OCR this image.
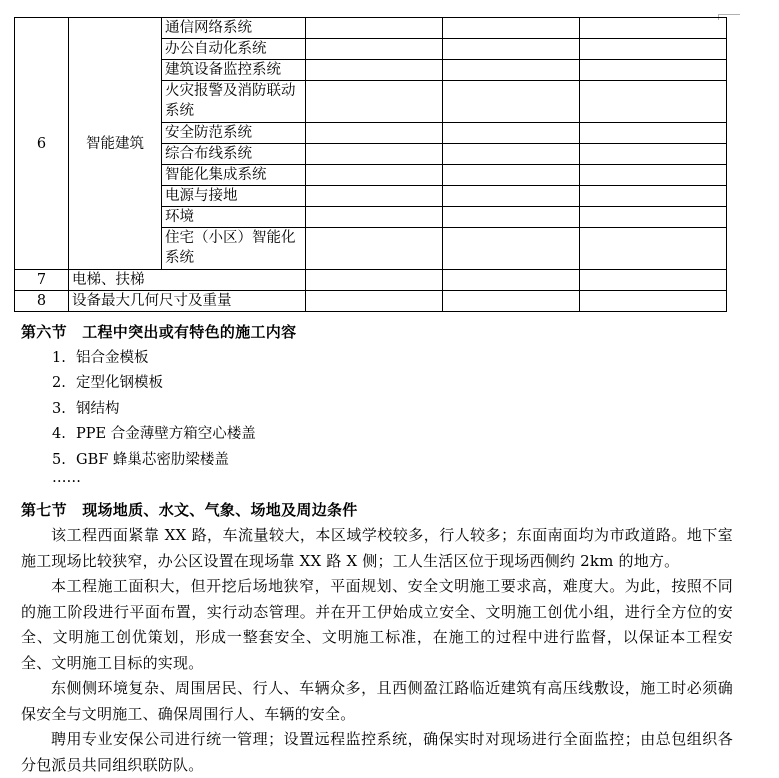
6	智能建筑	通信网络系统			
		办公自动化系统			
		建筑设备监控系统			
		火灾报警及消防联动系统			
		安全防范系统			
		综合布线系统			
		智能化集成系统			
		电源与接地			
		环境			
		住宅（小区）智能化系统			
7	电梯、扶梯				
8	设备最大几何尺寸及重量				
第六节　工程中突出或有特色的施工内容
1. 铝合金模板
2. 定型化钢模板
3. 钢结构
4. PPE 合金薄壁方箱空心楼盖
5. GBF 蜂巢芯密肋梁楼盖
……
第七节　现场地质、水文、气象、场地及周边条件

该工程西面紧靠 XX 路，车流量较大，本区域学校较多，行人较多；东面南面均为市政道路。地下室施工现场比较狭窄，办公区设置在现场靠 XX 路 X 侧；工人生活区位于现场西侧约 2km 的地方。

本工程施工面积大，但开挖后场地狭窄，平面规划、安全文明施工要求高，难度大。为此，按照不同的施工阶段进行平面布置，实行动态管理。并在开工伊始成立安全、文明施工创优小组，进行全方位的安全、文明施工创优策划，形成一整套安全、文明施工标准，在施工的过程中进行监督，以保证本工程安全、文明施工目标的实现。

东侧侧环境复杂、周围居民、行人、车辆众多，且西侧盈江路临近建筑有高压线敷设，施工时必须确保安全与文明施工、确保周围行人、车辆的安全。

聘用专业安保公司进行统一管理；设置远程监控系统，确保实时对现场进行全面监控；由总包组织各分包派员共同组织联防队。
